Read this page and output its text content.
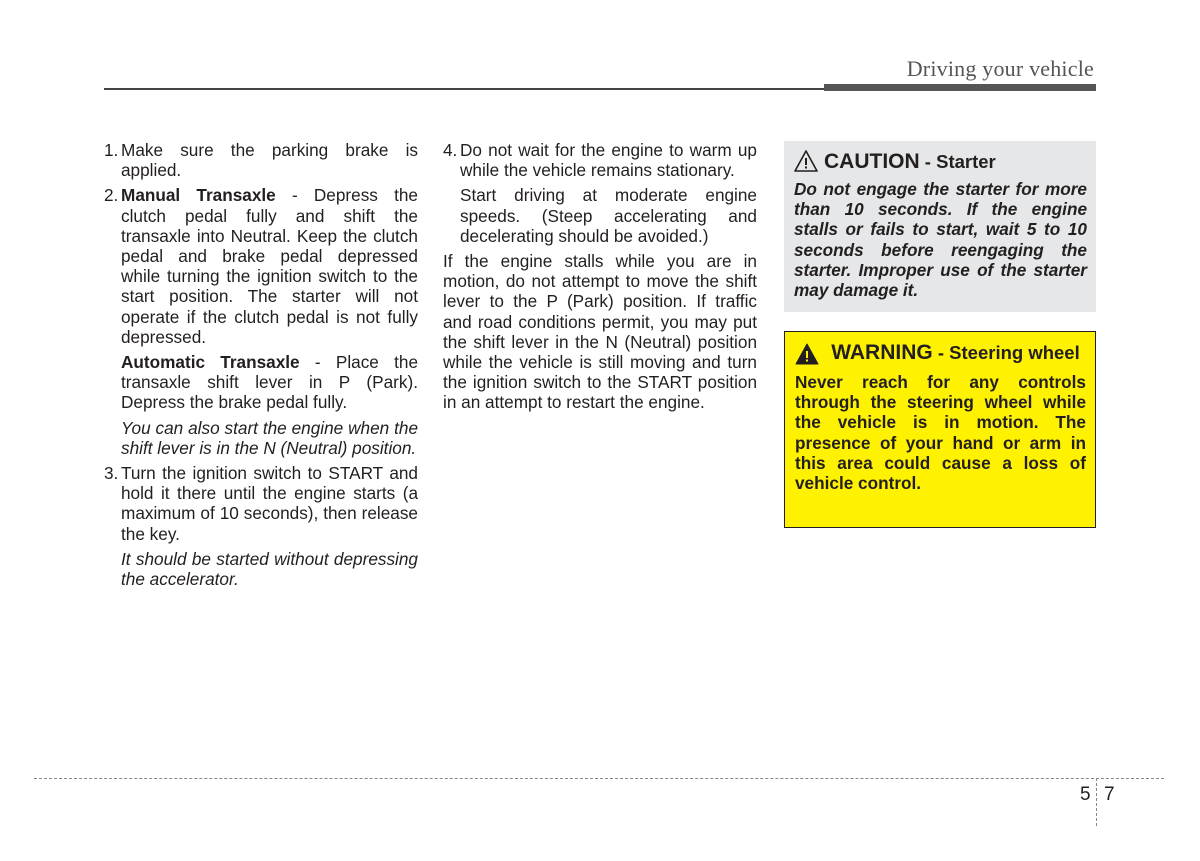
Driving your vehicle
1. Make sure the parking brake is applied.
2. Manual Transaxle - Depress the clutch pedal fully and shift the transaxle into Neutral. Keep the clutch pedal and brake pedal depressed while turning the ignition switch to the start position. The starter will not operate if the clutch pedal is not fully depressed.
Automatic Transaxle - Place the transaxle shift lever in P (Park). Depress the brake pedal fully.
You can also start the engine when the shift lever is in the N (Neutral) position.
3. Turn the ignition switch to START and hold it there until the engine starts (a maximum of 10 seconds), then release the key.
It should be started without depressing the accelerator.
4. Do not wait for the engine to warm up while the vehicle remains stationary.
Start driving at moderate engine speeds. (Steep accelerating and decelerating should be avoided.)
If the engine stalls while you are in motion, do not attempt to move the shift lever to the P (Park) position. If traffic and road conditions permit, you may put the shift lever in the N (Neutral) position while the vehicle is still moving and turn the ignition switch to the START position in an attempt to restart the engine.
CAUTION - Starter
Do not engage the starter for more than 10 seconds. If the engine stalls or fails to start, wait 5 to 10 seconds before reengaging the starter. Improper use of the starter may damage it.
WARNING - Steering wheel
Never reach for any controls through the steering wheel while the vehicle is in motion. The presence of your hand or arm in this area could cause a loss of vehicle control.
5 7
